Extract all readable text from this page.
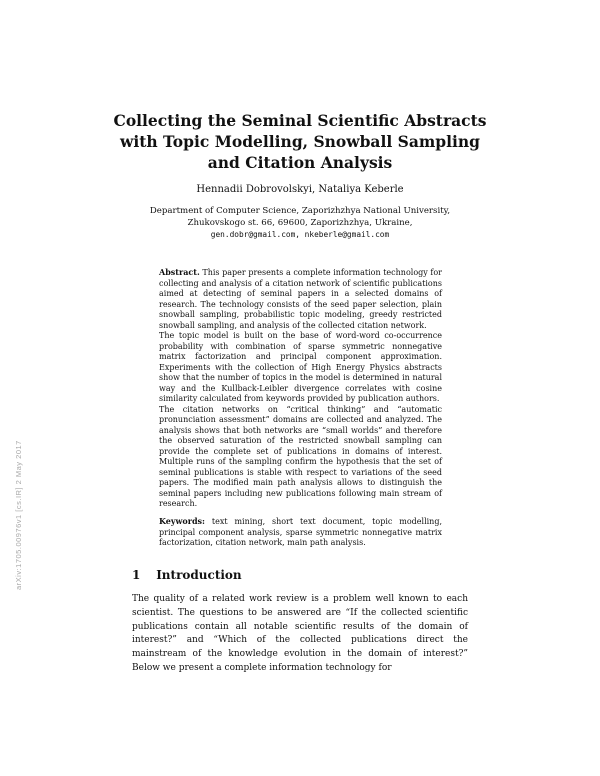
arXiv:1705.00976v1 [cs.IR] 2 May 2017
Collecting the Seminal Scientific Abstracts with Topic Modelling, Snowball Sampling and Citation Analysis
Hennadii Dobrovolskyi, Nataliya Keberle
Department of Computer Science, Zaporizhzhya National University,
Zhukovskogo st. 66, 69600, Zaporizhzhya, Ukraine,
gen.dobr@gmail.com, nkeberle@gmail.com

Abstract. This paper presents a complete information technology for collecting and analysis of a citation network of scientific publications aimed at detecting of seminal papers in a selected domains of research. The technology consists of the seed paper selection, plain snowball sampling, probabilistic topic modeling, greedy restricted snowball sampling, and analysis of the collected citation network.

The topic model is built on the base of word-word co-occurrence probability with combination of sparse symmetric nonnegative matrix factorization and principal component approximation. Experiments with the collection of High Energy Physics abstracts show that the number of topics in the model is determined in natural way and the Kullback-Leibler divergence correlates with cosine similarity calculated from keywords provided by publication authors.

The citation networks on “critical thinking” and “automatic pronunciation assessment” domains are collected and analyzed. The analysis shows that both networks are “small worlds” and therefore the observed saturation of the restricted snowball sampling can provide the complete set of publications in domains of interest. Multiple runs of the sampling confirm the hypothesis that the set of seminal publications is stable with respect to variations of the seed papers. The modified main path analysis allows to distinguish the seminal papers including new publications following main stream of research.

Keywords: text mining, short text document, topic modelling, principal component analysis, sparse symmetric nonnegative matrix factorization, citation network, main path analysis.
1 Introduction

The quality of a related work review is a problem well known to each scientist. The questions to be answered are “If the collected scientific publications contain all notable scientific results of the domain of interest?” and “Which of the collected publications direct the mainstream of the knowledge evolution in the domain of interest?” Below we present a complete information technology for
